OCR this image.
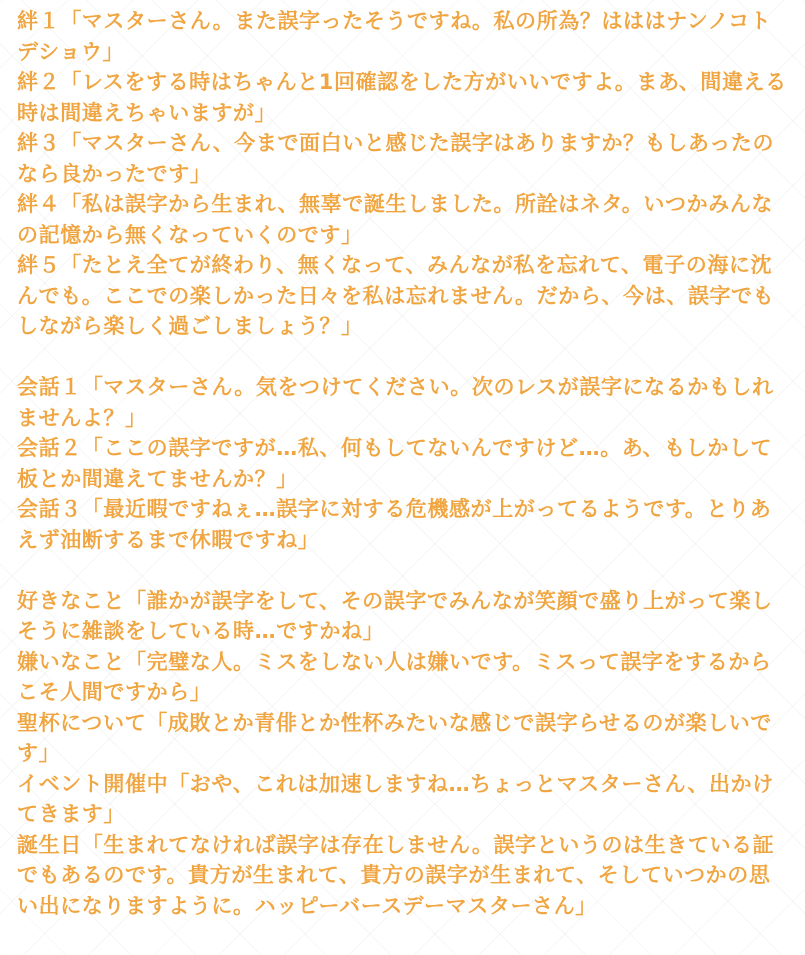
絆１「マスターさん。また誤字ったそうですね。私の所為？はははナンノコトデショウ」

絆２「レスをする時はちゃんと1回確認をした方がいいですよ。まあ、間違える時は間違えちゃいますが」

絆３「マスターさん、今まで面白いと感じた誤字はありますか？もしあったのなら良かったです」

絆４「私は誤字から生まれ、無辜で誕生しました。所詮はネタ。いつかみんなの記憶から無くなっていくのです」

絆５「たとえ全てが終わり、無くなって、みんなが私を忘れて、電子の海に沈んでも。ここでの楽しかった日々を私は忘れません。だから、今は、誤字でもしながら楽しく過ごしましょう？」

会話１「マスターさん。気をつけてください。次のレスが誤字になるかもしれませんよ？」

会話２「ここの誤字ですが…私、何もしてないんですけど…。あ、もしかして板とか間違えてませんか？」

会話３「最近暇ですねぇ…誤字に対する危機感が上がってるようです。とりあえず油断するまで休暇ですね」

好きなこと「誰かが誤字をして、その誤字でみんなが笑顔で盛り上がって楽しそうに雑談をしている時…ですかね」

嫌いなこと「完璧な人。ミスをしない人は嫌いです。ミスって誤字をするからこそ人間ですから」

聖杯について「成敗とか青俳とか性杯みたいな感じで誤字らせるのが楽しいです」

イベント開催中「おや、これは加速しますね…ちょっとマスターさん、出かけてきます」

誕生日「生まれてなければ誤字は存在しません。誤字というのは生きている証でもあるのです。貴方が生まれて、貴方の誤字が生まれて、そしていつかの思い出になりますように。ハッピーバースデーマスターさん」
